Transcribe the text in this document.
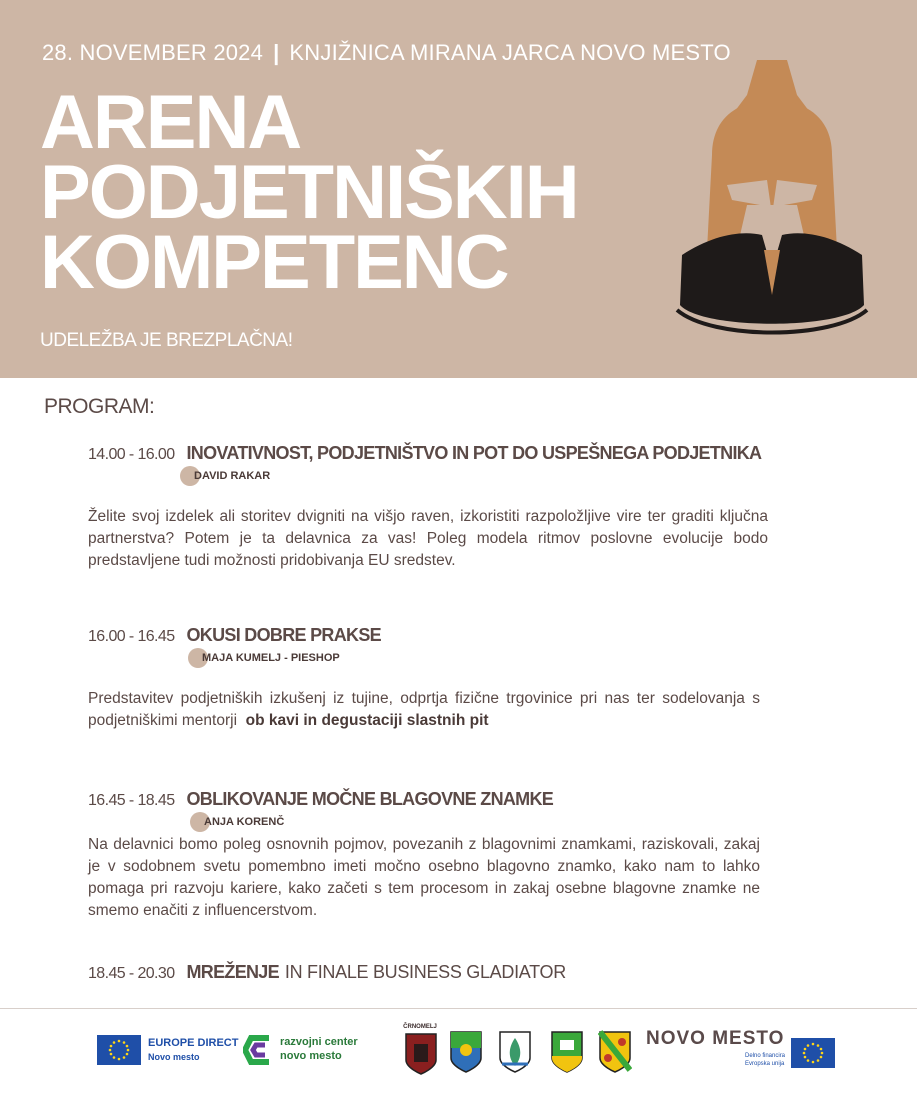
28. NOVEMBER 2024 | KNJIŽNICA MIRANA JARCA NOVO MESTO
ARENA
PODJETNIŠKIH
KOMPETENC
UDELEŽBA JE BREZPLAČNA!
PROGRAM:
14.00 - 16.00 INOVATIVNOST, PODJETNIŠTVO IN POT DO USPEŠNEGA PODJETNIKA
DAVID RAKAR
Želite svoj izdelek ali storitev dvigniti na višjo raven, izkoristiti razpoložljive vire ter graditi ključna partnerstva? Potem je ta delavnica za vas! Poleg modela ritmov poslovne evolucije bodo predstavljene tudi možnosti pridobivanja EU sredstev.
16.00 - 16.45 OKUSI DOBRE PRAKSE
MAJA KUMELJ - PIESHOP
Predstavitev podjetniških izkušenj iz tujine, odprtja fizične trgovinice pri nas ter sodelovanja s podjetniškimi mentorji ob kavi in degustaciji slastnih pit
16.45 - 18.45 OBLIKOVANJE MOČNE BLAGOVNE ZNAMKE
ANJA KORENČ
Na delavnici bomo poleg osnovnih pojmov, povezanih z blagovnimi znamkami, raziskovali, zakaj je v sodobnem svetu pomembno imeti močno osebno blagovno znamko, kako nam to lahko pomaga pri razvoju kariere, kako začeti s tem procesom in zakaj osebne blagovne znamke ne smemo enačiti z influencerstvom.
18.45 - 20.30 MREŽENJE IN FINALE BUSINESS GLADIATOR
EUROPE DIRECT
Novo mesto
razvojni center
novo mesto
ČRNOMELJ
NOVO MESTO
Delno financira
Evropska unija
